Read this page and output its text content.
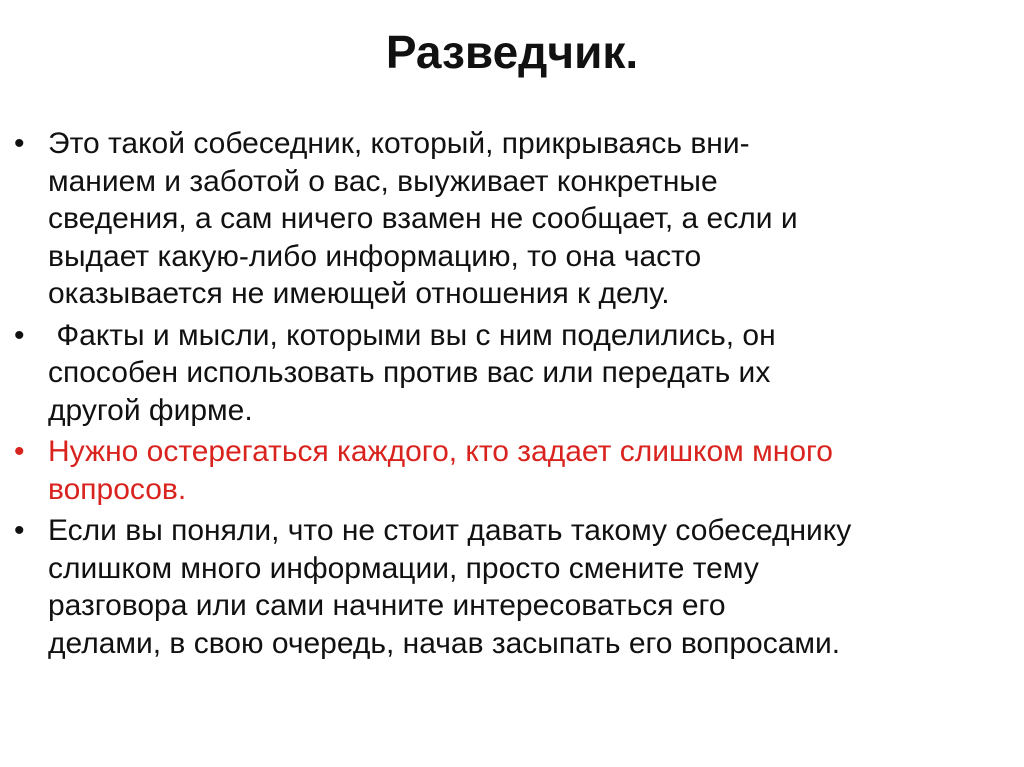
Разведчик.
• Это такой собеседник, который, прикрываясь вни-
манием и заботой о вас, выуживает конкретные
сведения, а сам ничего взамен не сообщает, а если и
выдает какую-либо информацию, то она часто
оказывается не имеющей отношения к делу.
• Факты и мысли, которыми вы с ним поделились, он
способен использовать против вас или передать их
другой фирме.
• Нужно остерегаться каждого, кто задает слишком много
вопросов.
• Если вы поняли, что не стоит давать такому собеседнику
слишком много информации, просто смените тему
разговора или сами начните интересоваться его
делами, в свою очередь, начав засыпать его вопросами.
